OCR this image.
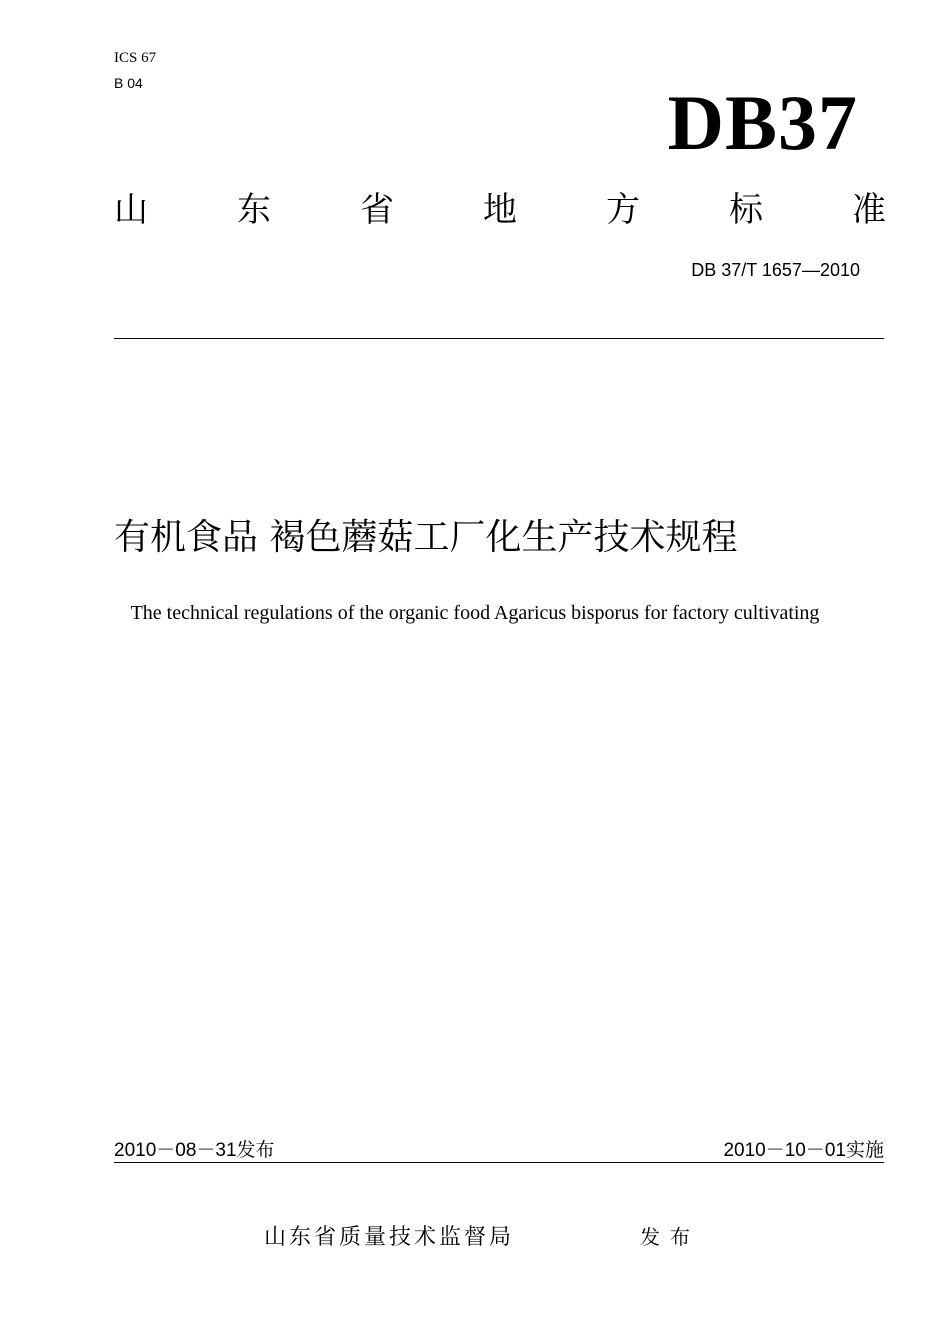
ICS 67
B 04	DB37
山	东	省	地	方	标	准
DB 37/T 1657—2010
有机食品 褐色蘑菇工厂化生产技术规程
The technical regulations of the organic food Agaricus bisporus for factory cultivating
2010－08－31发布	2010－10－01实施
山东省质量技术监督局	发布
